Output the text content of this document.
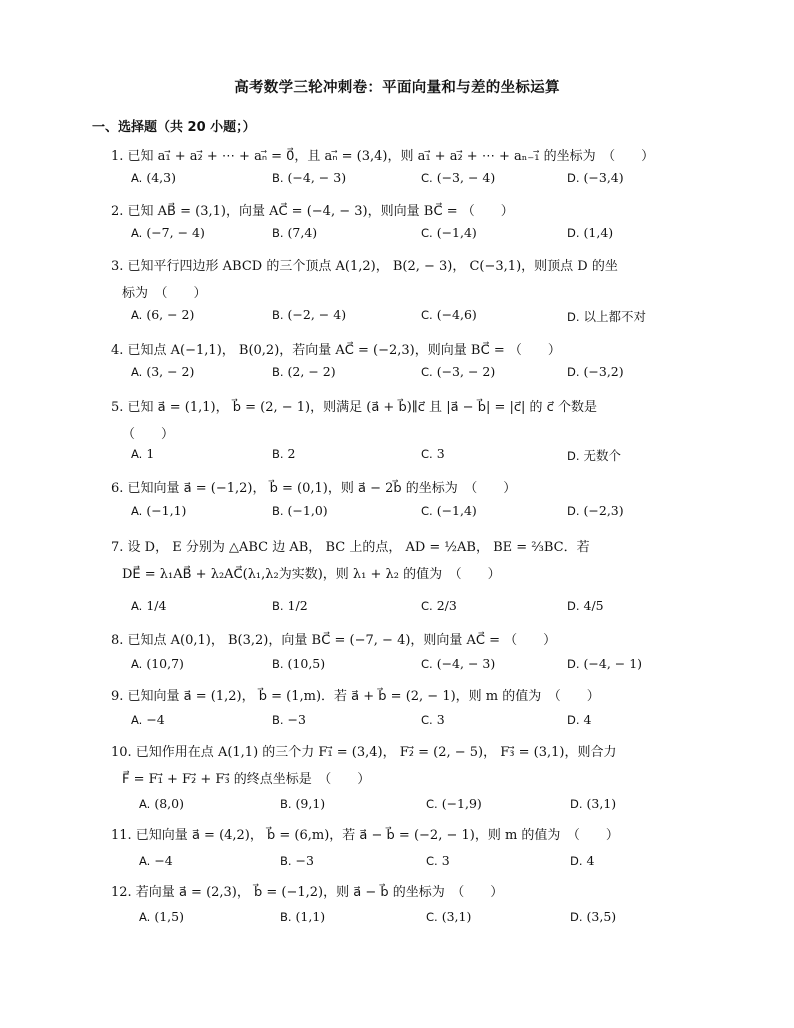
高考数学三轮冲刺卷：平面向量和与差的坐标运算
一、选择题（共 20 小题；）
1. 已知 a₁⃗ + a₂⃗ + ⋯ + aₙ⃗ = 0⃗，且 aₙ⃗ = (3,4)，则 a₁⃗ + a₂⃗ + ⋯ + aₙ₋₁⃗ 的坐标为　（　　）
A. (4,3)	B. (−4, − 3)	C. (−3, − 4)	D. (−3,4)
2. 已知 AB⃗ = (3,1)，向量 AC⃗ = (−4, − 3)，则向量 BC⃗ = （　　）
A. (−7, − 4)	B. (7,4)	C. (−1,4)	D. (1,4)
3. 已知平行四边形 ABCD 的三个顶点 A(1,2)， B(2, − 3)， C(−3,1)，则顶点 D 的坐
标为　（　　）
A. (6, − 2)	B. (−2, − 4)	C. (−4,6)	D. 以上都不对
4. 已知点 A(−1,1)， B(0,2)，若向量 AC⃗ = (−2,3)，则向量 BC⃗ = （　　）
A. (3, − 2)	B. (2, − 2)	C. (−3, − 2)	D. (−3,2)
5. 已知 a⃗ = (1,1)， b⃗ = (2, − 1)，则满足 (a⃗ + b⃗)∥c⃗ 且 |a⃗ − b⃗| = |c⃗| 的 c⃗ 个数是
（　　）
A. 1	B. 2	C. 3	D. 无数个
6. 已知向量 a⃗ = (−1,2)， b⃗ = (0,1)，则 a⃗ − 2b⃗ 的坐标为　（　　）
A. (−1,1)	B. (−1,0)	C. (−1,4)	D. (−2,3)
7. 设 D， E 分别为 △ABC 边 AB， BC 上的点， AD = ½AB， BE = ⅔BC．若
DE⃗ = λ₁AB⃗ + λ₂AC⃗(λ₁,λ₂为实数)，则 λ₁ + λ₂ 的值为　（　　）
A. 1/4	B. 1/2	C. 2/3	D. 4/5
8. 已知点 A(0,1)， B(3,2)，向量 BC⃗ = (−7, − 4)，则向量 AC⃗ = （　　）
A. (10,7)	B. (10,5)	C. (−4, − 3)	D. (−4, − 1)
9. 已知向量 a⃗ = (1,2)， b⃗ = (1,m)．若 a⃗ + b⃗ = (2, − 1)，则 m 的值为　（　　）
A. −4	B. −3	C. 3	D. 4
10. 已知作用在点 A(1,1) 的三个力 F₁⃗ = (3,4)， F₂⃗ = (2, − 5)， F₃⃗ = (3,1)，则合力
F⃗ = F₁⃗ + F₂⃗ + F₃⃗ 的终点坐标是　（　　）
A. (8,0)	B. (9,1)	C. (−1,9)	D. (3,1)
11. 已知向量 a⃗ = (4,2)， b⃗ = (6,m)，若 a⃗ − b⃗ = (−2, − 1)，则 m 的值为　（　　）
A. −4	B. −3	C. 3	D. 4
12. 若向量 a⃗ = (2,3)， b⃗ = (−1,2)，则 a⃗ − b⃗ 的坐标为　（　　）
A. (1,5)	B. (1,1)	C. (3,1)	D. (3,5)
